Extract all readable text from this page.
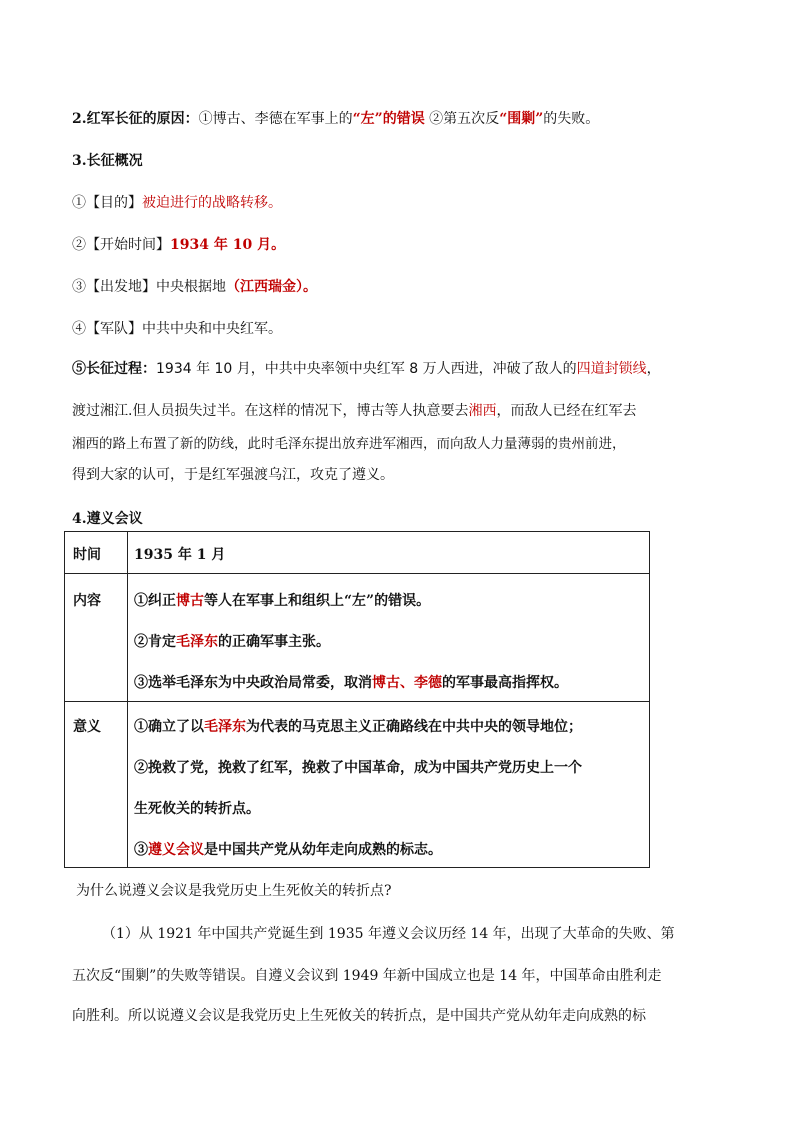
2.红军长征的原因：①博古、李德在军事上的“左”的错误 ②第五次反“围剿”的失败。
3.长征概况
①【目的】被迫进行的战略转移。
②【开始时间】1934 年 10 月。
③【出发地】中央根据地（江西瑞金）。
④【军队】中共中央和中央红军。
⑤长征过程：1934 年 10 月，中共中央率领中央红军 8 万人西进，冲破了敌人的四道封锁线，
渡过湘江.但人员损失过半。在这样的情况下，博古等人执意要去湘西，而敌人已经在红军去
湘西的路上布置了新的防线，此时毛泽东提出放弃进军湘西，而向敌人力量薄弱的贵州前进，
得到大家的认可，于是红军强渡乌江，攻克了遵义。
4.遵义会议
时间	1935 年 1 月

内容	①纠正博古等人在军事上和组织上“左”的错误。
②肯定毛泽东的正确军事主张。
③选举毛泽东为中央政治局常委，取消博古、李德的军事最高指挥权。

意义	①确立了以毛泽东为代表的马克思主义正确路线在中共中央的领导地位；
②挽救了党，挽救了红军，挽救了中国革命，成为中国共产党历史上一个
生死攸关的转折点。
③遵义会议是中国共产党从幼年走向成熟的标志。
为什么说遵义会议是我党历史上生死攸关的转折点?
（1）从 1921 年中国共产党诞生到 1935 年遵义会议历经 14 年，出现了大革命的失败、第
五次反“围剿”的失败等错误。自遵义会议到 1949 年新中国成立也是 14 年，中国革命由胜利走
向胜利。所以说遵义会议是我党历史上生死攸关的转折点，是中国共产党从幼年走向成熟的标
